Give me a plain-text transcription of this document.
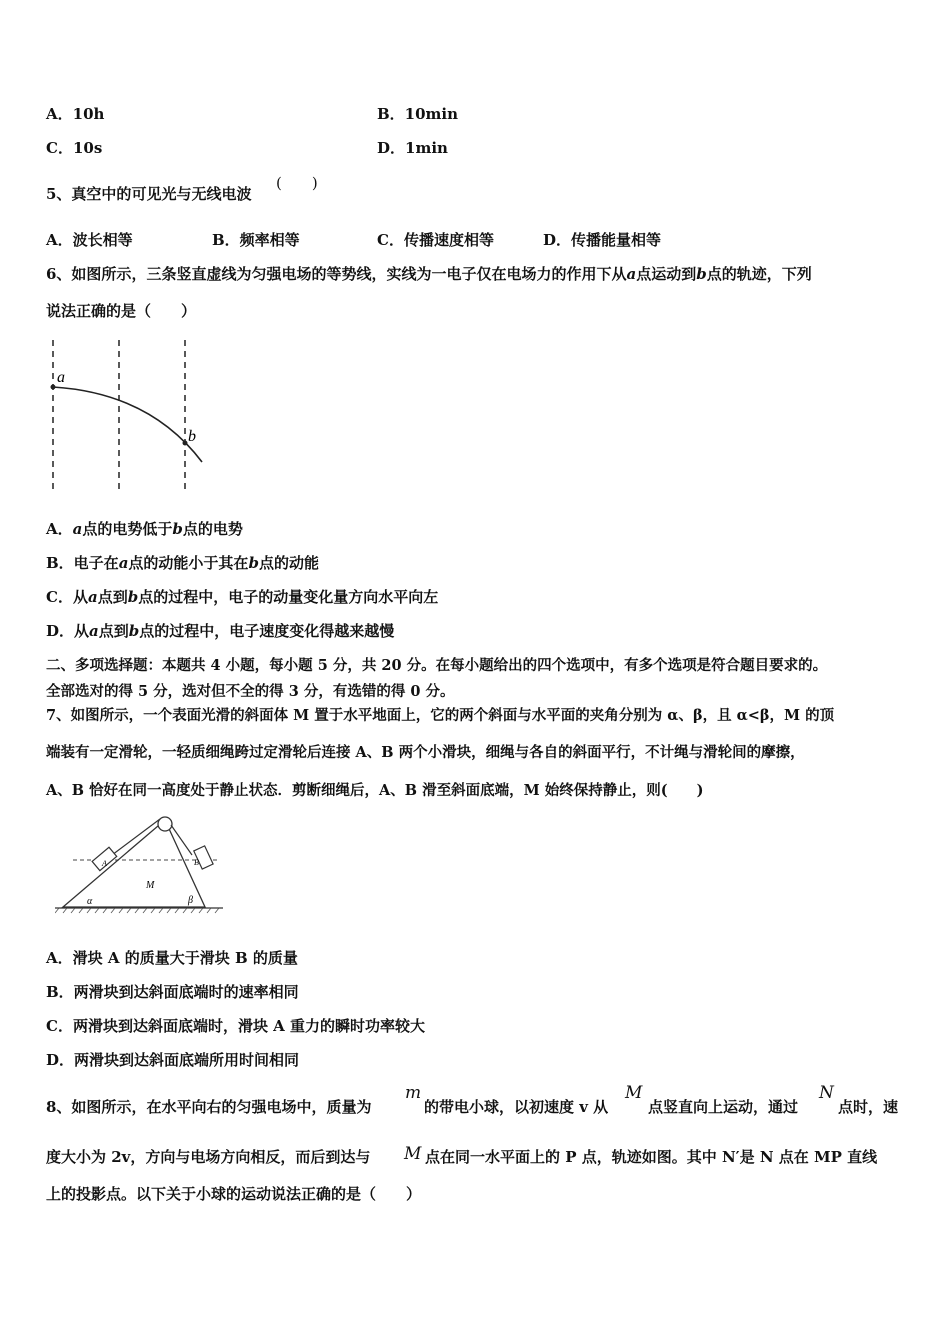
A．10h	B．10min
C．10s	D．1min
5、真空中的可见光与无线电波
(　　)
A．波长相等	B．频率相等	C．传播速度相等	D．传播能量相等
6、如图所示，三条竖直虚线为匀强电场的等势线，实线为一电子仅在电场力的作用下从a点运动到b点的轨迹，下列
说法正确的是（　　）
a
b
A．a点的电势低于b点的电势
B．电子在a点的动能小于其在b点的动能
C．从a点到b点的过程中，电子的动量变化量方向水平向左
D．从a点到b点的过程中，电子速度变化得越来越慢
二、多项选择题：本题共 4 小题，每小题 5 分，共 20 分。在每小题给出的四个选项中，有多个选项是符合题目要求的。
全部选对的得 5 分，选对但不全的得 3 分，有选错的得 0 分。
7、如图所示，一个表面光滑的斜面体 M 置于水平地面上，它的两个斜面与水平面的夹角分别为 α、β，且 α<β，M 的顶
端装有一定滑轮，一轻质细绳跨过定滑轮后连接 A、B 两个小滑块，细绳与各自的斜面平行，不计绳与滑轮间的摩擦，
A、B 恰好在同一高度处于静止状态．剪断细绳后，A、B 滑至斜面底端，M 始终保持静止，则(　　)
A	B
M
α	β
A．滑块 A 的质量大于滑块 B 的质量
B．两滑块到达斜面底端时的速率相同
C．两滑块到达斜面底端时，滑块 A 重力的瞬时功率较大
D．两滑块到达斜面底端所用时间相同
8、如图所示，在水平向右的匀强电场中，质量为
m
的带电小球，以初速度 v 从
M
点竖直向上运动，通过
N
点时，速
度大小为 2v，方向与电场方向相反，而后到达与 M 点在同一水平面上的 P 点，轨迹如图。其中 N′是 N 点在 MP 直线
上的投影点。以下关于小球的运动说法正确的是（　　）
